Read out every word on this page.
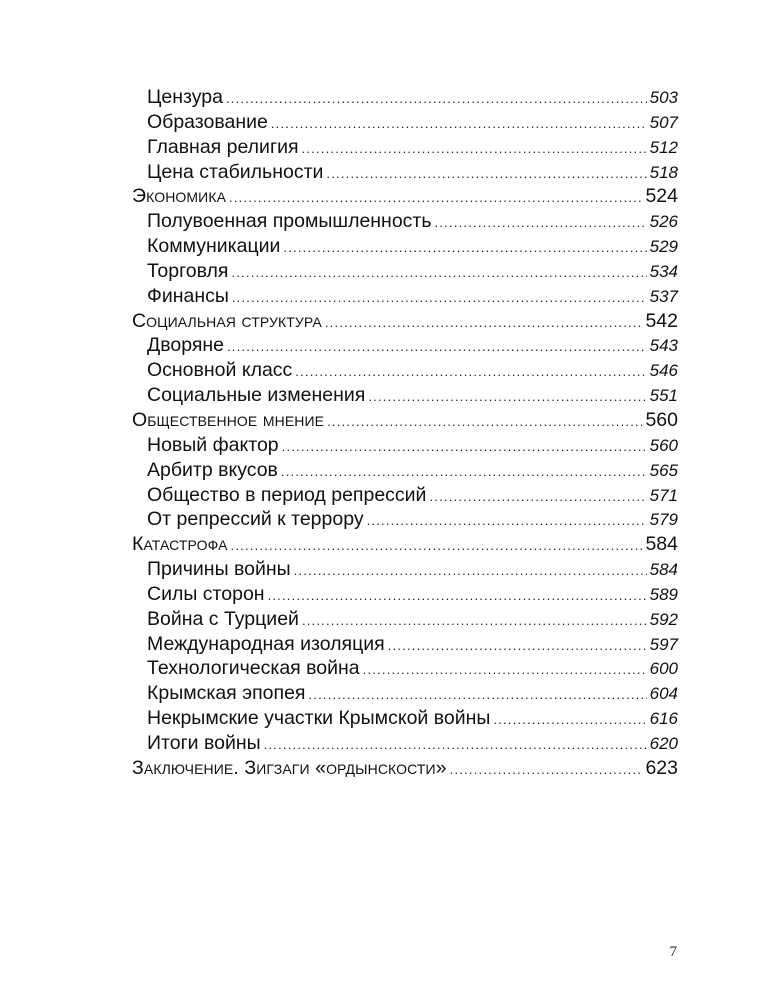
Цензура .....	503
Образование .....	507
Главная религия .....	512
Цена стабильности .....	518
Экономика .....	524
Полувоенная промышленность .....	526
Коммуникации .....	529
Торговля .....	534
Финансы .....	537
Социальная структура .....	542
Дворяне .....	543
Основной класс .....	546
Социальные изменения .....	551
Общественное мнение .....	560
Новый фактор .....	560
Арбитр вкусов .....	565
Общество в период репрессий .....	571
От репрессий к террору .....	579
Катастрофа .....	584
Причины войны .....	584
Силы сторон .....	589
Война с Турцией .....	592
Международная изоляция .....	597
Технологическая война .....	600
Крымская эпопея .....	604
Некрымские участки Крымской войны .....	616
Итоги войны .....	620
Заключение. Зигзаги «ордынскости» .....	623
7
